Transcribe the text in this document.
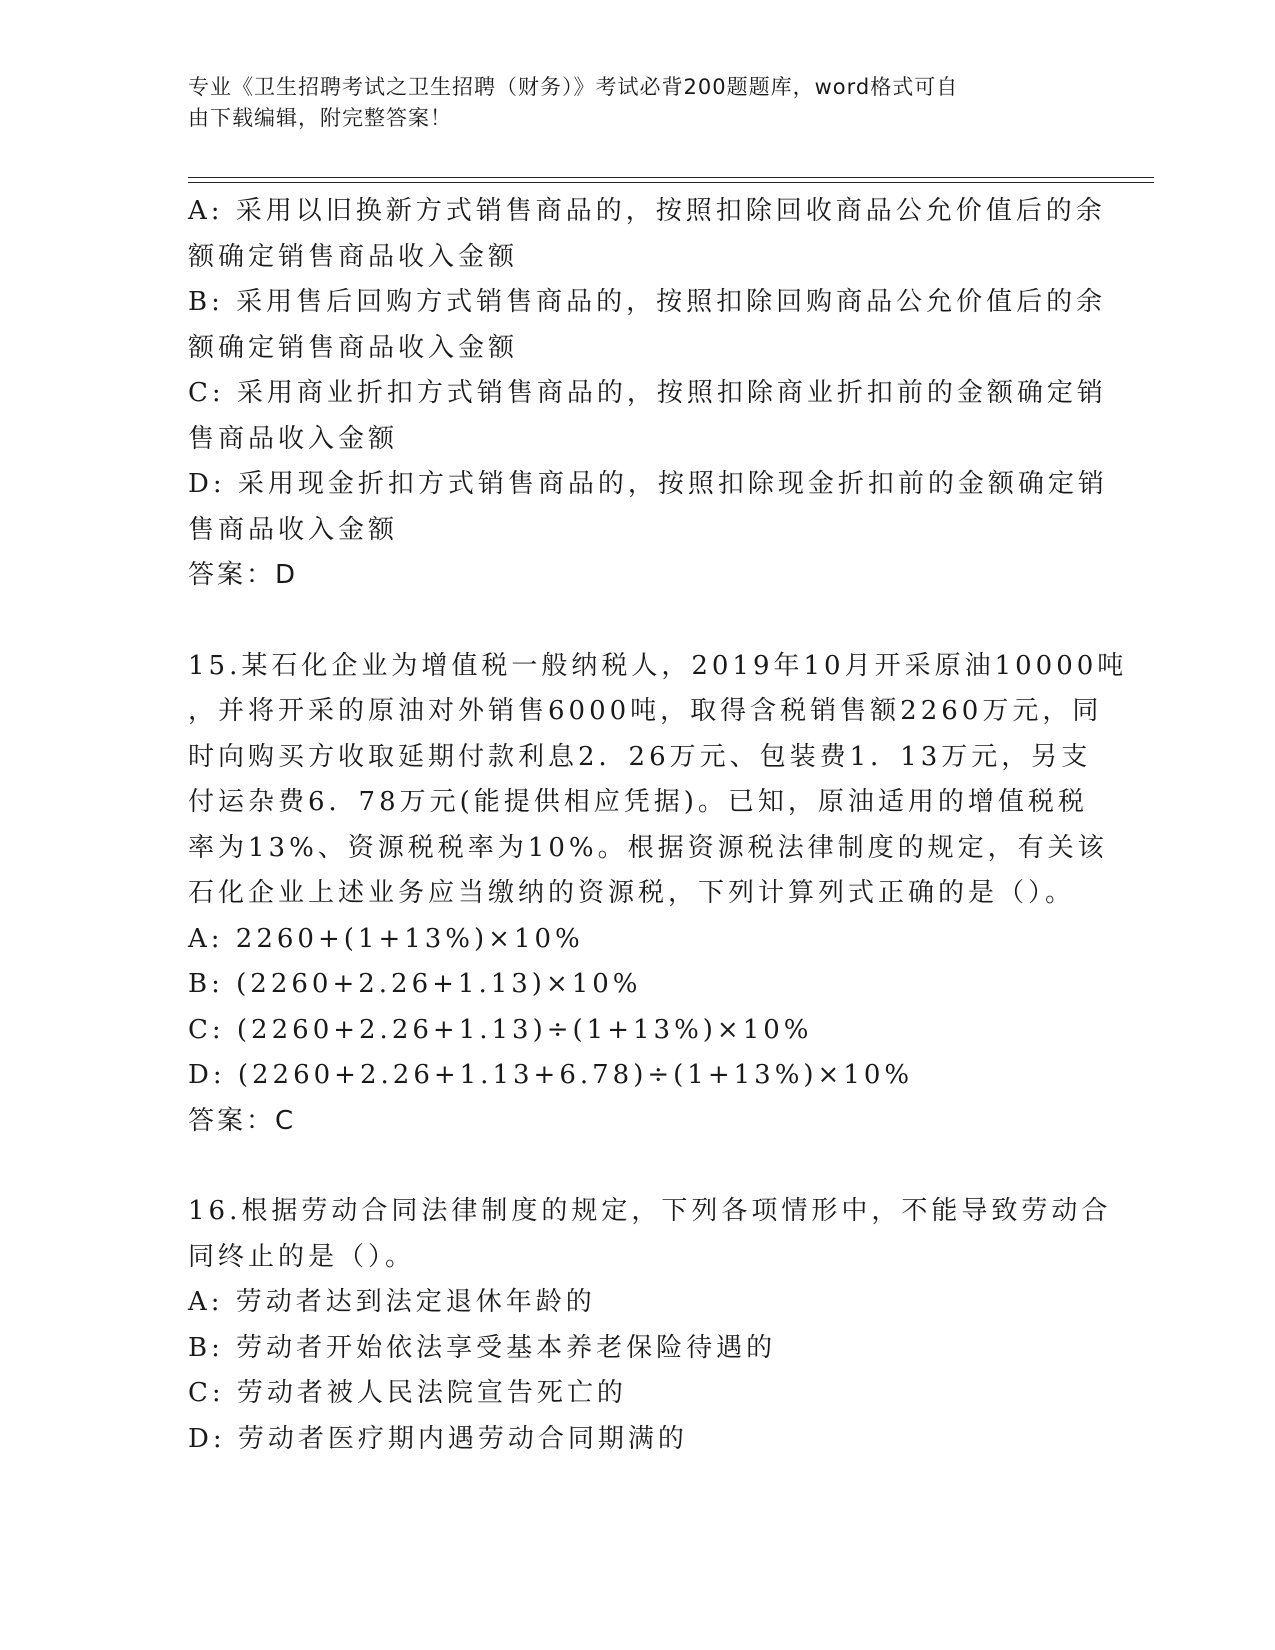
专业《卫生招聘考试之卫生招聘（财务）》考试必背200题题库，word格式可自
由下载编辑，附完整答案！
A: 采用以旧换新方式销售商品的，按照扣除回收商品公允价值后的余
额确定销售商品收入金额
B: 采用售后回购方式销售商品的，按照扣除回购商品公允价值后的余
额确定销售商品收入金额
C: 采用商业折扣方式销售商品的，按照扣除商业折扣前的金额确定销
售商品收入金额
D: 采用现金折扣方式销售商品的，按照扣除现金折扣前的金额确定销
售商品收入金额
答案：D
15.某石化企业为增值税一般纳税人，2019年10月开采原油10000吨
，并将开采的原油对外销售6000吨，取得含税销售额2260万元，同
时向购买方收取延期付款利息2．26万元、包装费1．13万元，另支
付运杂费6．78万元(能提供相应凭据)。已知，原油适用的增值税税
率为13%、资源税税率为10%。根据资源税法律制度的规定，有关该
石化企业上述业务应当缴纳的资源税，下列计算列式正确的是（）。
A: 2260+(1+13%)×10%
B: (2260+2.26+1.13)×10%
C: (2260+2.26+1.13)÷(1+13%)×10%
D: (2260+2.26+1.13+6.78)÷(1+13%)×10%
答案：C
16.根据劳动合同法律制度的规定，下列各项情形中，不能导致劳动合
同终止的是（）。
A: 劳动者达到法定退休年龄的
B: 劳动者开始依法享受基本养老保险待遇的
C: 劳动者被人民法院宣告死亡的
D: 劳动者医疗期内遇劳动合同期满的
